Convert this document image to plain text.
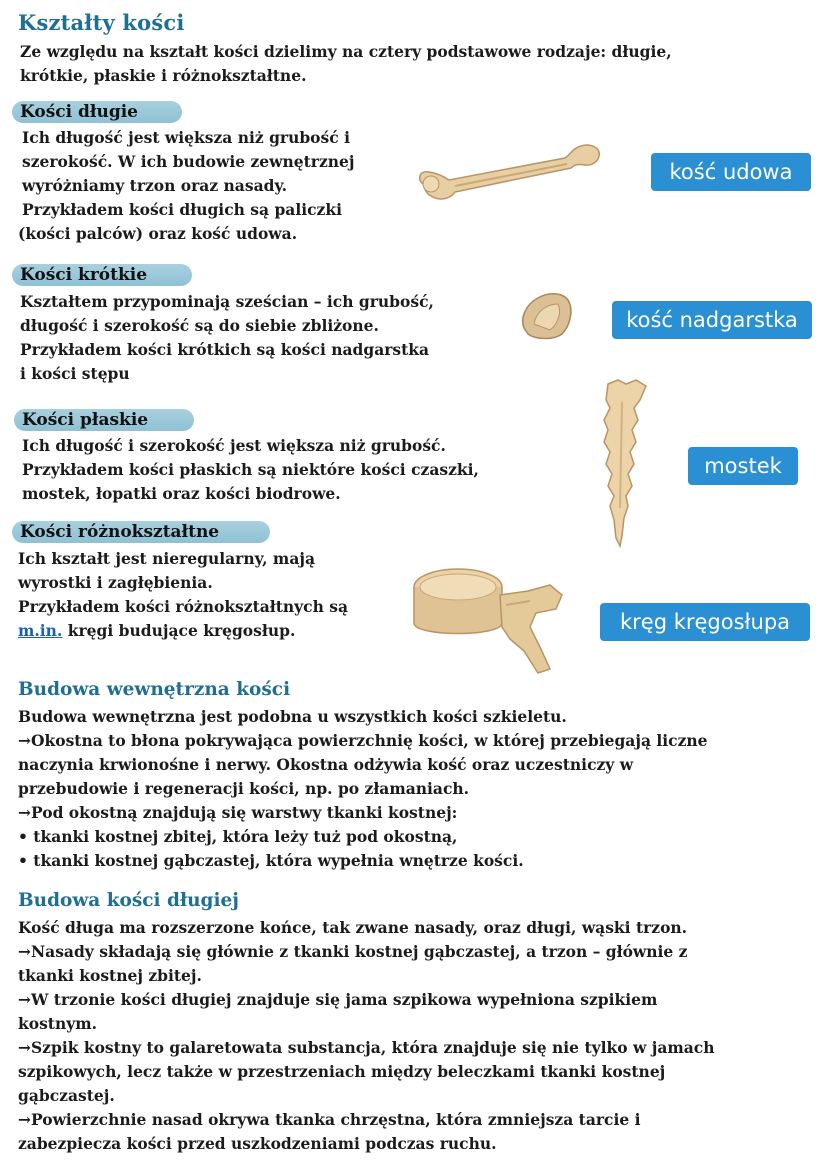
Kształty kości
Ze względu na kształt kości dzielimy na cztery podstawowe rodzaje: długie,
krótkie, płaskie i różnokształtne.
Kości długie
Ich długość jest większa niż grubość i
szerokość. W ich budowie zewnętrznej
wyróżniamy trzon oraz nasady.
Przykładem kości długich są paliczki
(kości palców) oraz kość udowa.
kość udowa
Kości krótkie
Kształtem przypominają sześcian – ich grubość,
długość i szerokość są do siebie zbliżone.
Przykładem kości krótkich są kości nadgarstka
i kości stępu
kość nadgarstka
Kości płaskie
Ich długość i szerokość jest większa niż grubość.
Przykładem kości płaskich są niektóre kości czaszki,
mostek, łopatki oraz kości biodrowe.
mostek
Kości różnokształtne
Ich kształt jest nieregularny, mają
wyrostki i zagłębienia.
Przykładem kości różnokształtnych są
m.in. kręgi budujące kręgosłup.	kręg kręgosłupa
Budowa wewnętrzna kości
Budowa wewnętrzna jest podobna u wszystkich kości szkieletu.
→Okostna to błona pokrywająca powierzchnię kości, w której przebiegają liczne
naczynia krwionośne i nerwy. Okostna odżywia kość oraz uczestniczy w
przebudowie i regeneracji kości, np. po złamaniach.
→Pod okostną znajdują się warstwy tkanki kostnej:
• tkanki kostnej zbitej, która leży tuż pod okostną,
• tkanki kostnej gąbczastej, która wypełnia wnętrze kości.
Budowa kości długiej
Kość długa ma rozszerzone końce, tak zwane nasady, oraz długi, wąski trzon.
→Nasady składają się głównie z tkanki kostnej gąbczastej, a trzon – głównie z
tkanki kostnej zbitej.
→W trzonie kości długiej znajduje się jama szpikowa wypełniona szpikiem
kostnym.
→Szpik kostny to galaretowata substancja, która znajduje się nie tylko w jamach
szpikowych, lecz także w przestrzeniach między beleczkami tkanki kostnej
gąbczastej.
→Powierzchnie nasad okrywa tkanka chrzęstna, która zmniejsza tarcie i
zabezpiecza kości przed uszkodzeniami podczas ruchu.
